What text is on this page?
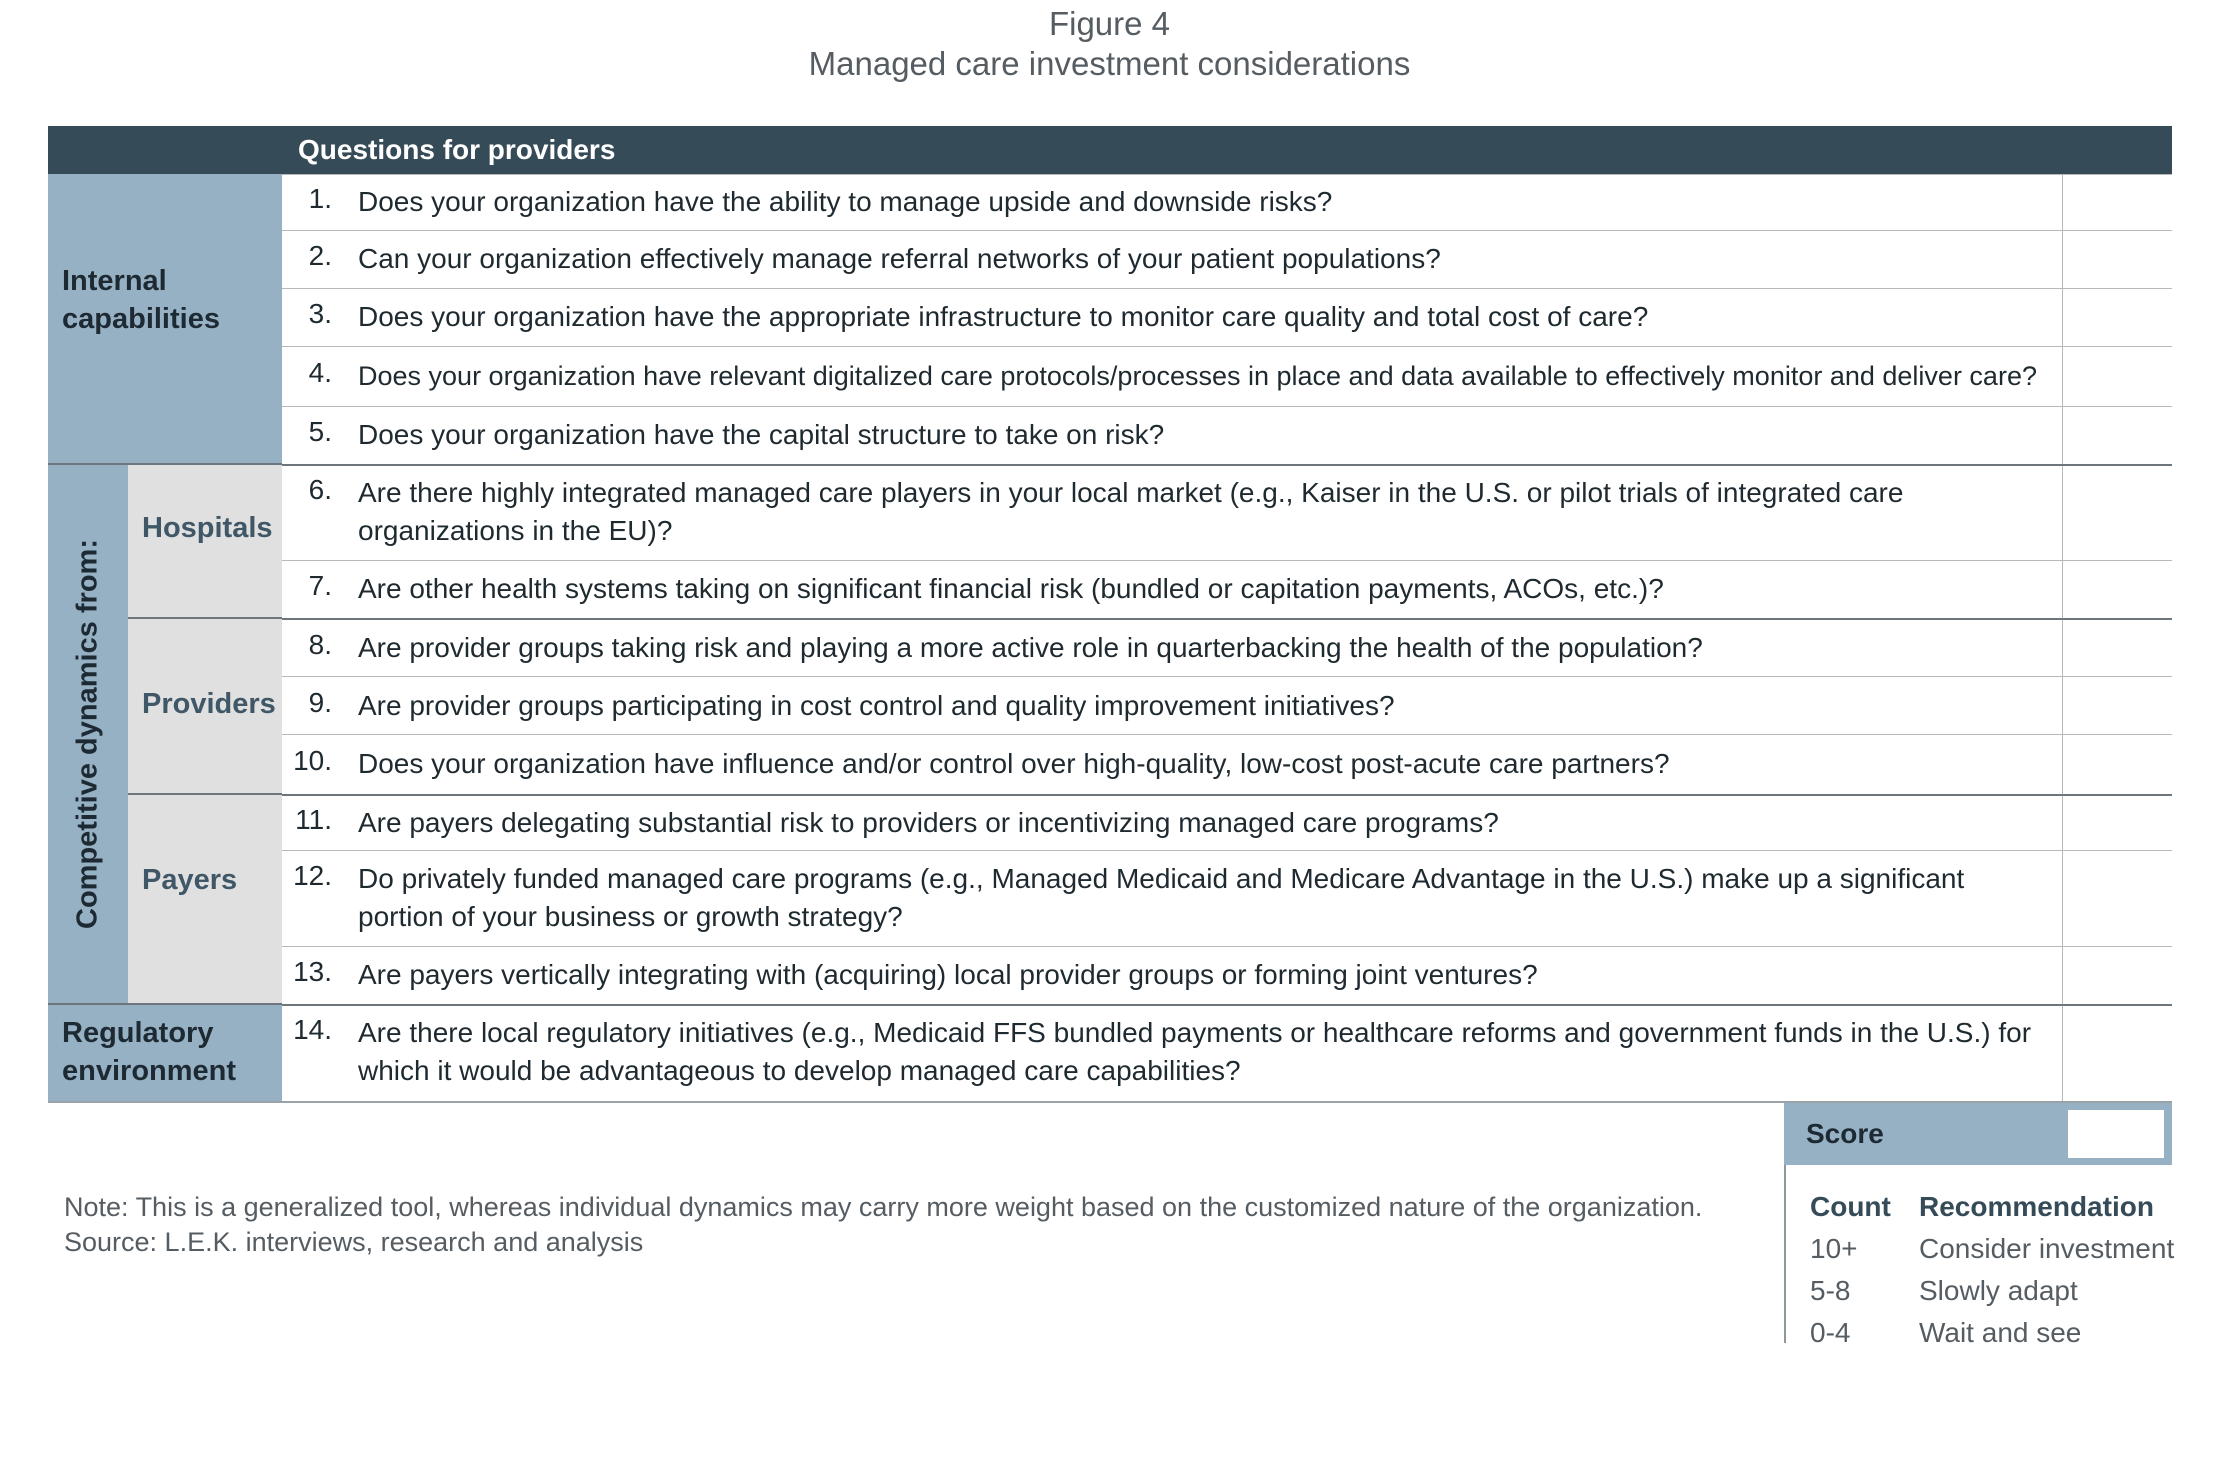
Figure 4
Managed care investment considerations
Questions for providers
Internal capabilities
Competitive dynamics from:
Hospitals
Providers
Payers
Regulatory environment
1. Does your organization have the ability to manage upside and downside risks?
2. Can your organization effectively manage referral networks of your patient populations?
3. Does your organization have the appropriate infrastructure to monitor care quality and total cost of care?
4. Does your organization have relevant digitalized care protocols/processes in place and data available to effectively monitor and deliver care?
5. Does your organization have the capital structure to take on risk?
6. Are there highly integrated managed care players in your local market (e.g., Kaiser in the U.S. or pilot trials of integrated care organizations in the EU)?
7. Are other health systems taking on significant financial risk (bundled or capitation payments, ACOs, etc.)?
8. Are provider groups taking risk and playing a more active role in quarterbacking the health of the population?
9. Are provider groups participating in cost control and quality improvement initiatives?
10. Does your organization have influence and/or control over high-quality, low-cost post-acute care partners?
11. Are payers delegating substantial risk to providers or incentivizing managed care programs?
12. Do privately funded managed care programs (e.g., Managed Medicaid and Medicare Advantage in the U.S.) make up a significant portion of your business or growth strategy?
13. Are payers vertically integrating with (acquiring) local provider groups or forming joint ventures?
14. Are there local regulatory initiatives (e.g., Medicaid FFS bundled payments or healthcare reforms and government funds in the U.S.) for which it would be advantageous to develop managed care capabilities?
Score
Count Recommendation
10+ Consider investment
5-8 Slowly adapt
0-4 Wait and see
Note: This is a generalized tool, whereas individual dynamics may carry more weight based on the customized nature of the organization.
Source: L.E.K. interviews, research and analysis
